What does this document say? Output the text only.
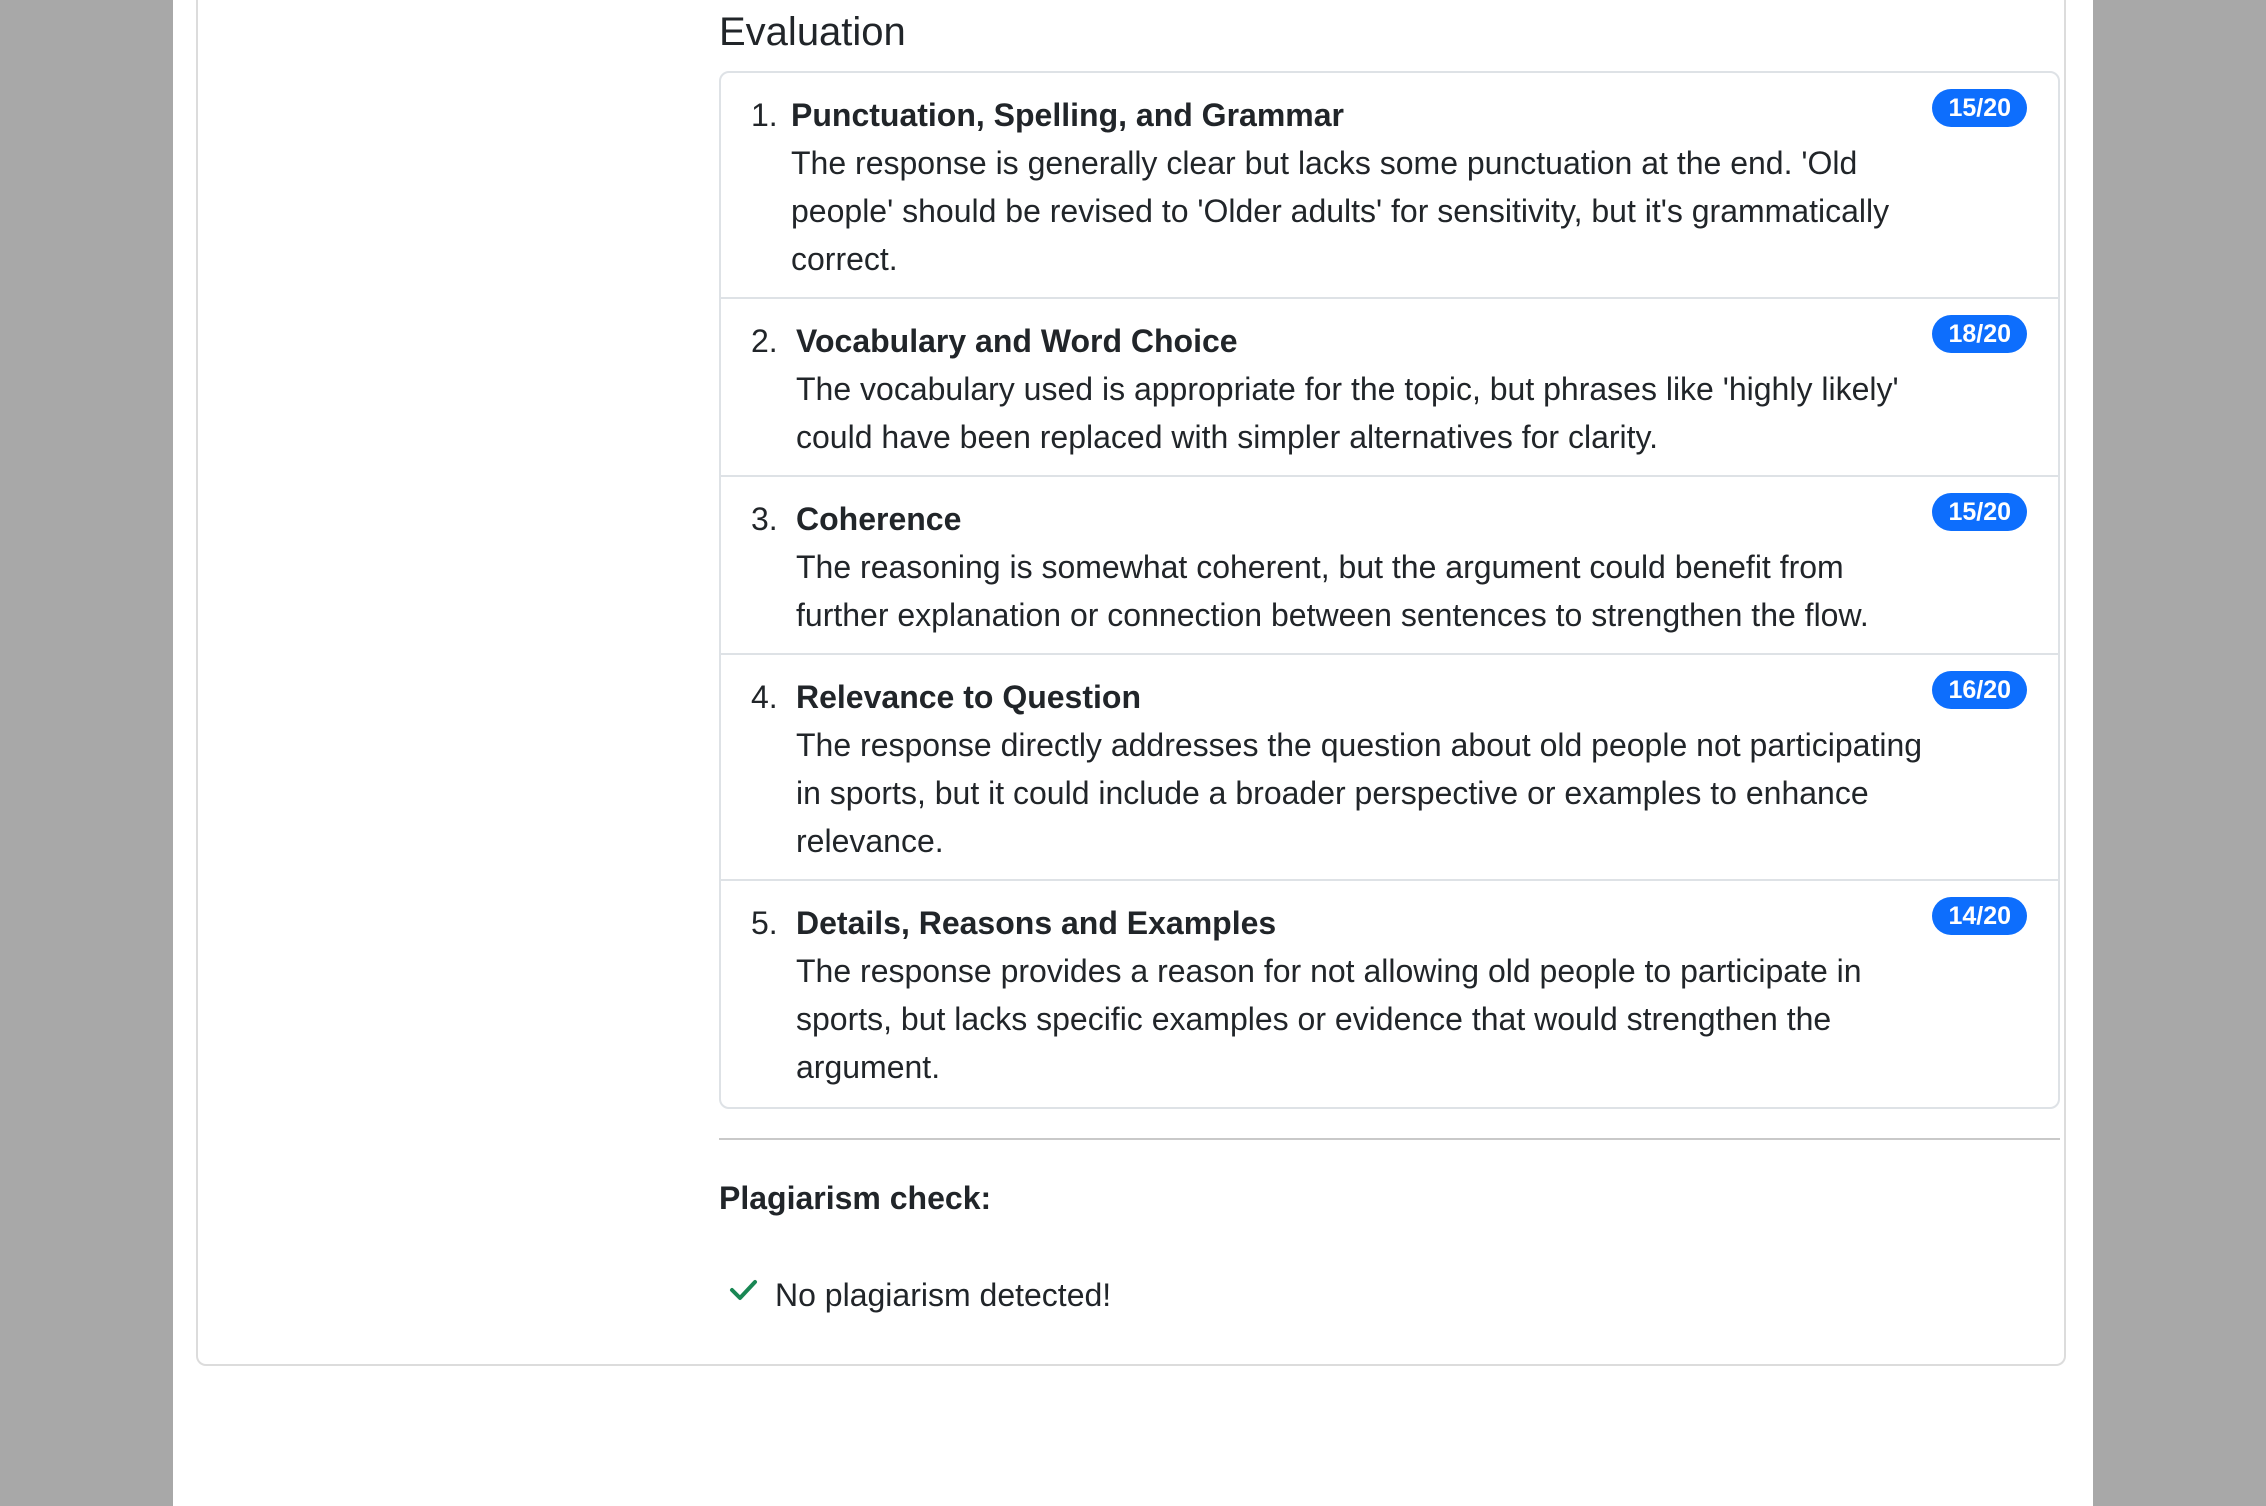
Evaluation
1. Punctuation, Spelling, and Grammar
The response is generally clear but lacks some punctuation at the end. 'Old people' should be revised to 'Older adults' for sensitivity, but it's grammatically correct.
15/20
2. Vocabulary and Word Choice
The vocabulary used is appropriate for the topic, but phrases like 'highly likely' could have been replaced with simpler alternatives for clarity.
18/20
3. Coherence
The reasoning is somewhat coherent, but the argument could benefit from further explanation or connection between sentences to strengthen the flow.
15/20
4. Relevance to Question
The response directly addresses the question about old people not participating in sports, but it could include a broader perspective or examples to enhance relevance.
16/20
5. Details, Reasons and Examples
The response provides a reason for not allowing old people to participate in sports, but lacks specific examples or evidence that would strengthen the argument.
14/20
Plagiarism check:
No plagiarism detected!
